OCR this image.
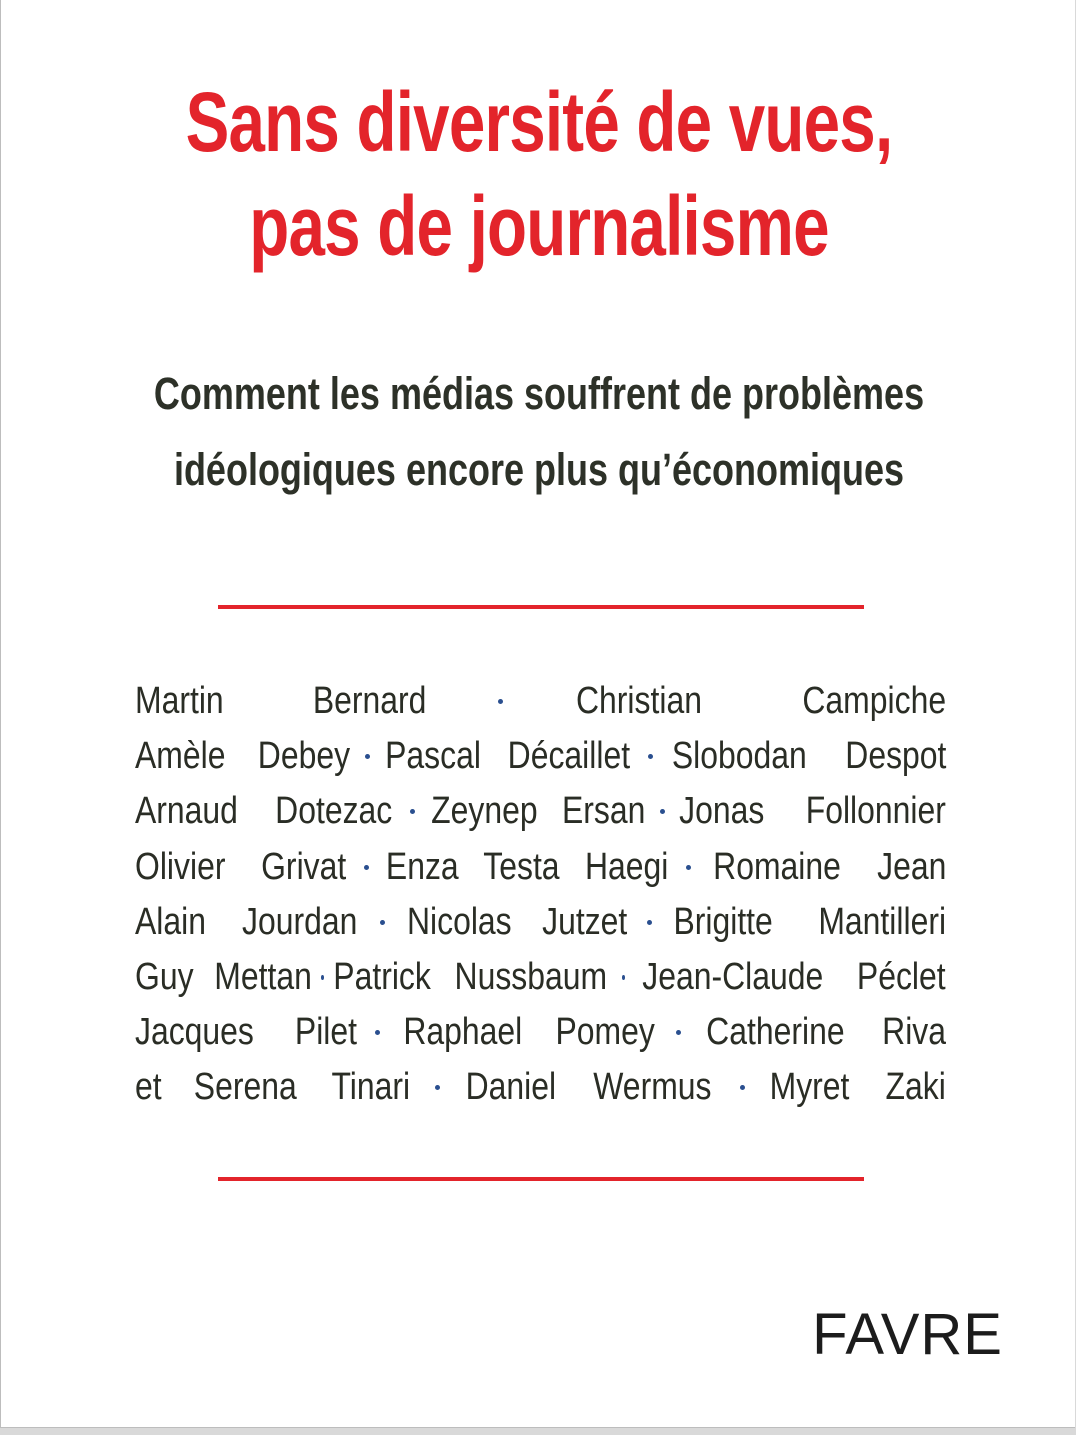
Sans diversité de vues,
pas de journalisme
Comment les médias souffrent de problèmes
idéologiques encore plus qu’économiques
Martin Bernard	Christian	Campiche
Amèle Debey Pascal Décaillet Slobodan Despot
Arnaud Dotezac Zeynep Ersan Jonas Follonnier
Olivier Grivat Enza Testa Haegi Romaine Jean
Alain Jourdan Nicolas Jutzet Brigitte Mantilleri
Guy Mettan Patrick Nussbaum Jean-Claude Péclet
Jacques Pilet Raphael Pomey Catherine Riva
et Serena Tinari Daniel Wermus Myret Zaki
FAVRE
